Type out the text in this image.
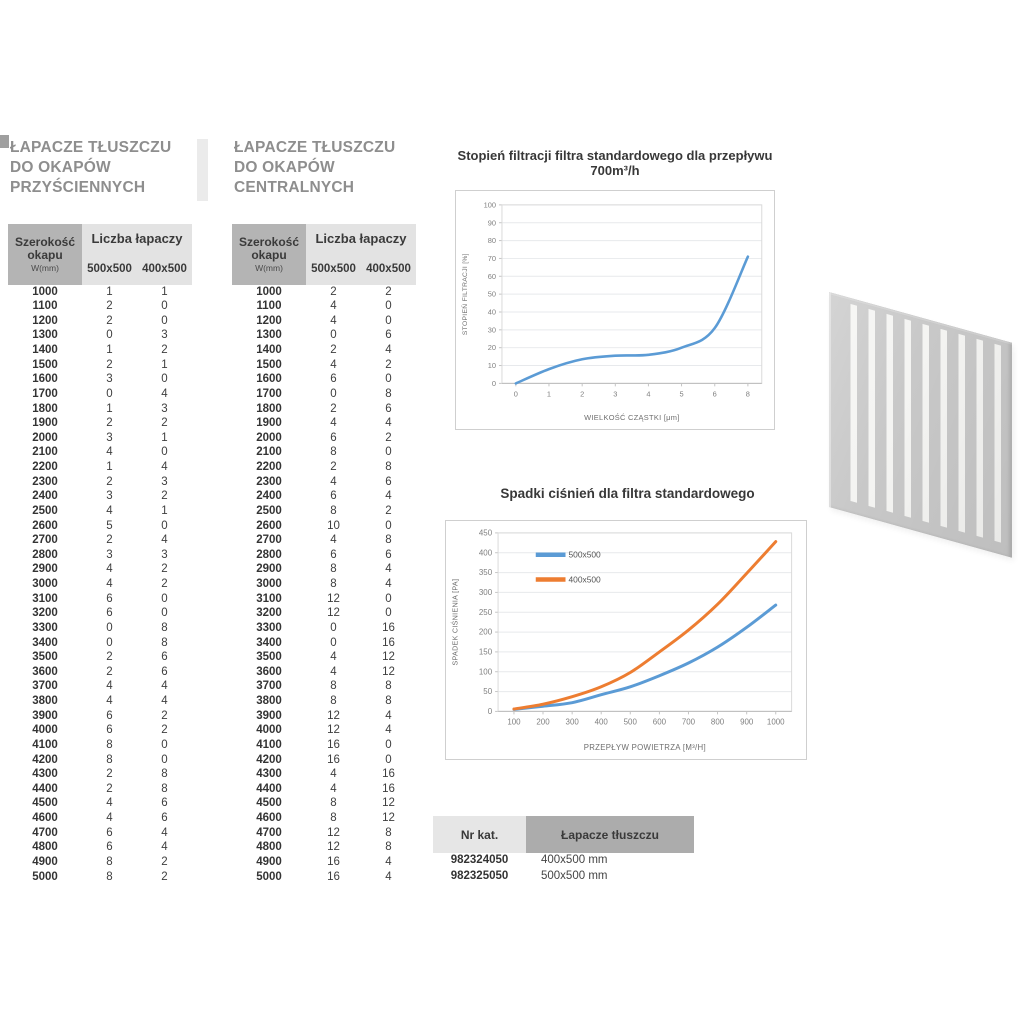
ŁAPACZE TŁUSZCZU
DO OKAPÓW
PRZYŚCIENNYCH
Szerokość okapu
W(mm)	Liczba łapaczy	
	500x500	400x500
1000	1	1
1100	2	0
1200	2	0
1300	0	3
1400	1	2
1500	2	1
1600	3	0
1700	0	4
1800	1	3
1900	2	2
2000	3	1
2100	4	0
2200	1	4
2300	2	3
2400	3	2
2500	4	1
2600	5	0
2700	2	4
2800	3	3
2900	4	2
3000	4	2
3100	6	0
3200	6	0
3300	0	8
3400	0	8
3500	2	6
3600	2	6
3700	4	4
3800	4	4
3900	6	2
4000	6	2
4100	8	0
4200	8	0
4300	2	8
4400	2	8
4500	4	6
4600	4	6
4700	6	4
4800	6	4
4900	8	2
5000	8	2
ŁAPACZE TŁUSZCZU
DO OKAPÓW
CENTRALNYCH
Szerokość okapu
W(mm)	Liczba łapaczy	
	500x500	400x500
1000	2	2
1100	4	0
1200	4	0
1300	0	6
1400	2	4
1500	4	2
1600	6	0
1700	0	8
1800	2	6
1900	4	4
2000	6	2
2100	8	0
2200	2	8
2300	4	6
2400	6	4
2500	8	2
2600	10	0
2700	4	8
2800	6	6
2900	8	4
3000	8	4
3100	12	0
3200	12	0
3300	0	16
3400	0	16
3500	4	12
3600	4	12
3700	8	8
3800	8	8
3900	12	4
4000	12	4
4100	16	0
4200	16	0
4300	4	16
4400	4	16
4500	8	12
4600	8	12
4700	12	8
4800	12	8
4900	16	4
5000	16	4
Stopień filtracji filtra standardowego dla przepływu 700m³/h
0
10
20
30
40
50
60
70
80
90
100
0	1	2	3	4	5	6	8
STOPIEŃ FILTRACJI [%]
WIELKOŚĆ CZĄSTKI [μm]
Spadki ciśnień dla filtra standardowego
0
50
100
150
200
250
300
350
400
450
100 200 300 400 500 600 700 800 900 1000
500x500
400x500
SPADEK CIŚNIENIA [PA]
PRZEPŁYW POWIETRZA [M³/H]
Nr kat.	Łapacze tłuszczu
982324050	400x500 mm
982325050	500x500 mm
